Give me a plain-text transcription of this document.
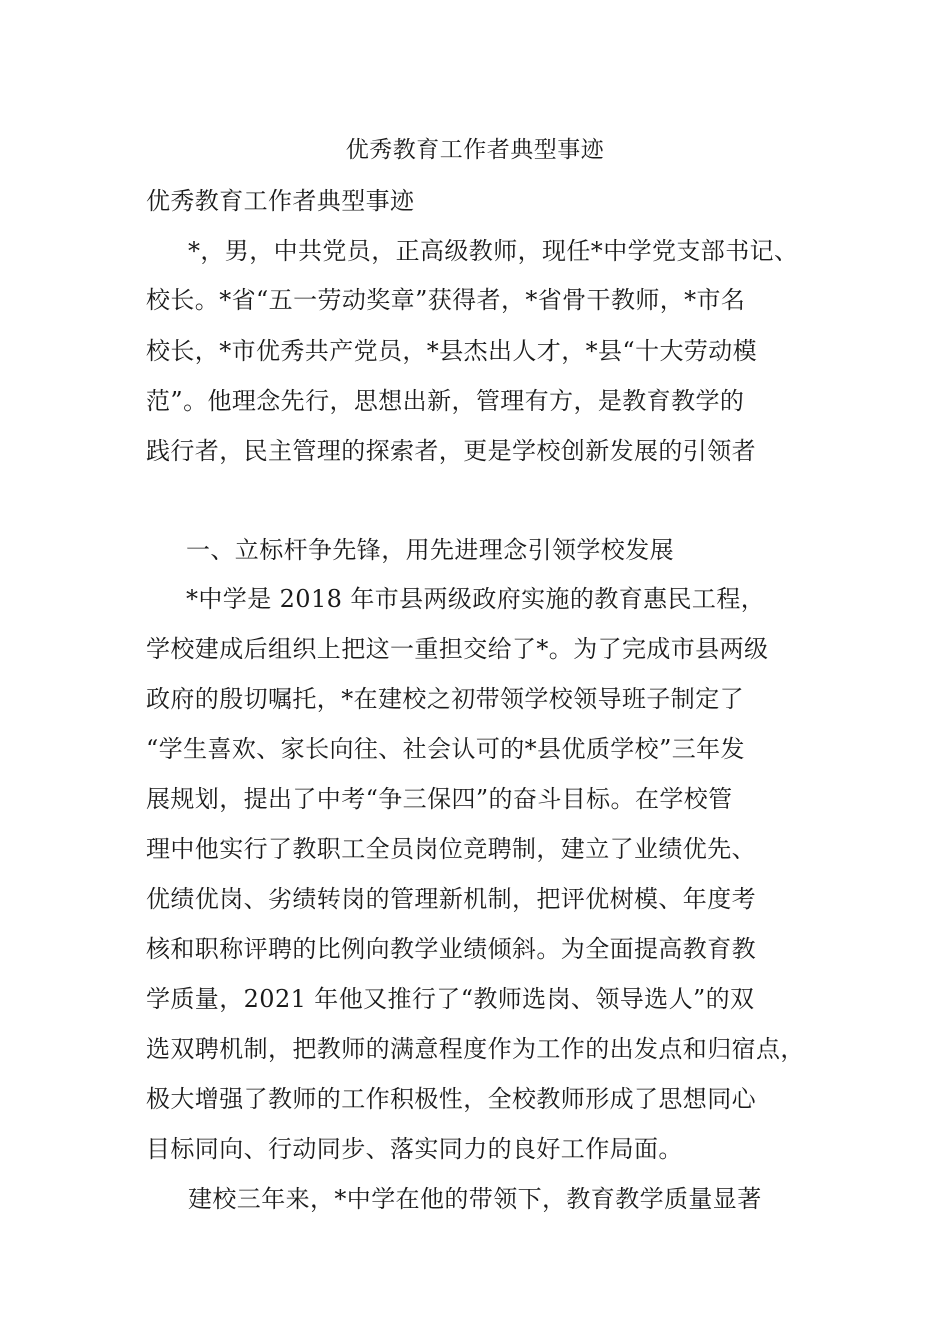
优秀教育工作者典型事迹
优秀教育工作者典型事迹
*，男，中共党员，正高级教师，现任*中学党支部书记、
校长。*省“五一劳动奖章”获得者，*省骨干教师，*市名
校长，*市优秀共产党员，*县杰出人才，*县“十大劳动模
范”。他理念先行，思想出新，管理有方，是教育教学的
践行者，民主管理的探索者，更是学校创新发展的引领者
一、立标杆争先锋，用先进理念引领学校发展
*中学是 2018 年市县两级政府实施的教育惠民工程，
学校建成后组织上把这一重担交给了*。为了完成市县两级
政府的殷切嘱托，*在建校之初带领学校领导班子制定了
“学生喜欢、家长向往、社会认可的*县优质学校”三年发
展规划，提出了中考“争三保四”的奋斗目标。在学校管
理中他实行了教职工全员岗位竞聘制，建立了业绩优先、
优绩优岗、劣绩转岗的管理新机制，把评优树模、年度考
核和职称评聘的比例向教学业绩倾斜。为全面提高教育教
学质量，2021 年他又推行了“教师选岗、领导选人”的双
选双聘机制，把教师的满意程度作为工作的出发点和归宿点，
极大增强了教师的工作积极性，全校教师形成了思想同心
目标同向、行动同步、落实同力的良好工作局面。
建校三年来，*中学在他的带领下，教育教学质量显著
